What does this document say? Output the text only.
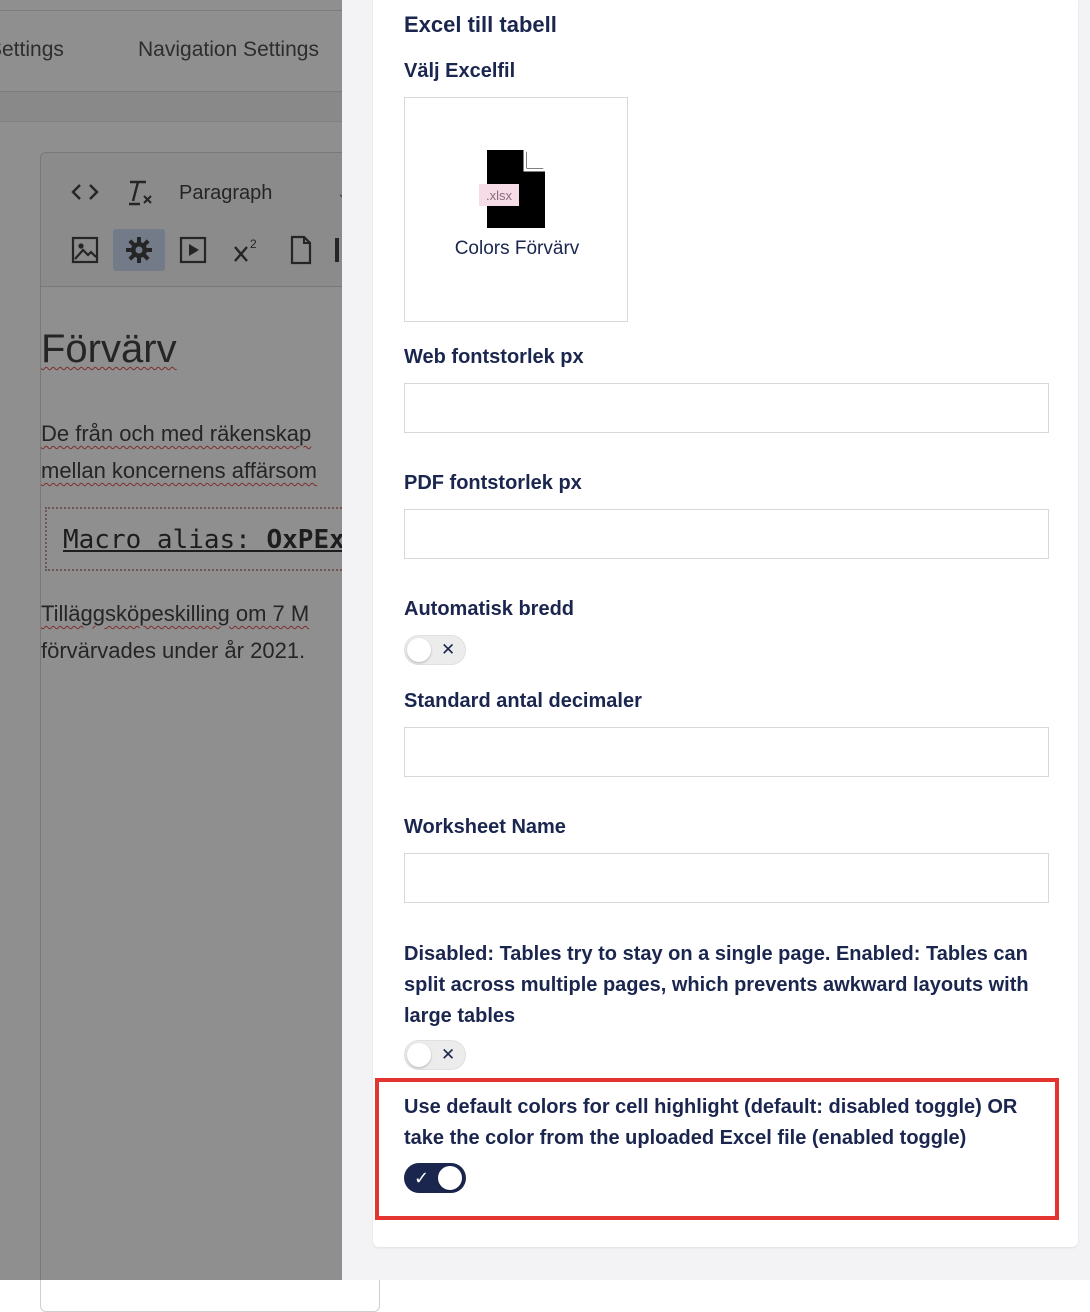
Excel till tabell
Välj Excelfil
.xlsx
Colors Förvärv
Web fontstorlek px
PDF fontstorlek px
Automatisk bredd
✕
Standard antal decimaler
Worksheet Name
Disabled: Tables try to stay on a single page. Enabled: Tables can split across multiple pages, which prevents awkward layouts with large tables
✕
Use default colors for cell highlight (default: disabled toggle) OR take the color from the uploaded Excel file (enabled toggle)
✓
